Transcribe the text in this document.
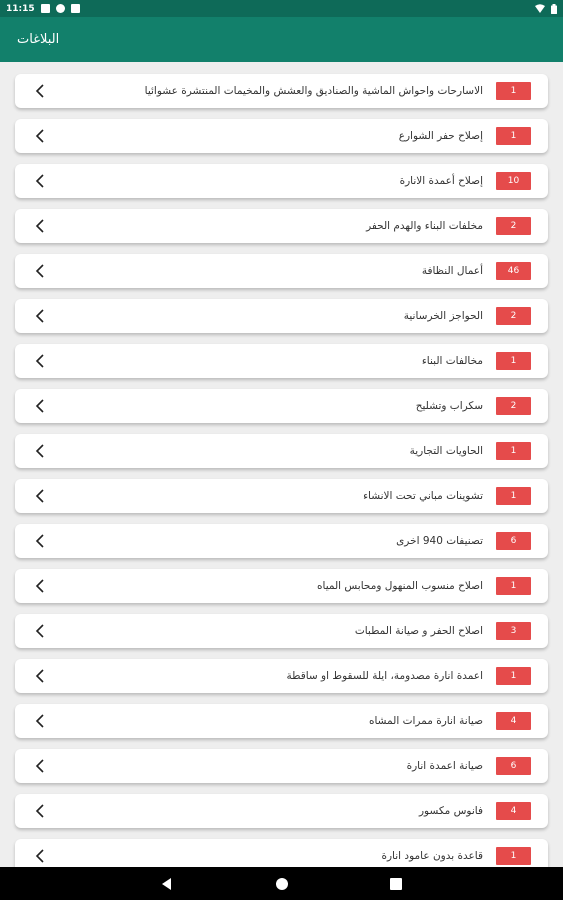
11:15
البلاغات
الاسارحات واحواش الماشية والصناديق والعشش والمخيمات المنتشرة عشوائيا	1
إصلاح حفر الشوارع	1
إصلاح أعمدة الانارة	10
مخلفات البناء والهدم الحفر	2
أعمال النظافة	46
الحواجز الخرسانية	2
مخالفات البناء	1
سكراب وتشليح	2
الحاويات التجارية	1
تشوينات مباني تحت الانشاء	1
تصنيفات 940 اخرى	6
اصلاح منسوب المنهول ومحابس المياه	1
اصلاح الحفر و صيانة المطبات	3
اعمدة انارة مصدومة، ايلة للسقوط او ساقطة	1
صيانة انارة ممرات المشاه	4
صيانة اعمدة انارة	6
فانوس مكسور	4
قاعدة بدون عامود انارة	1
